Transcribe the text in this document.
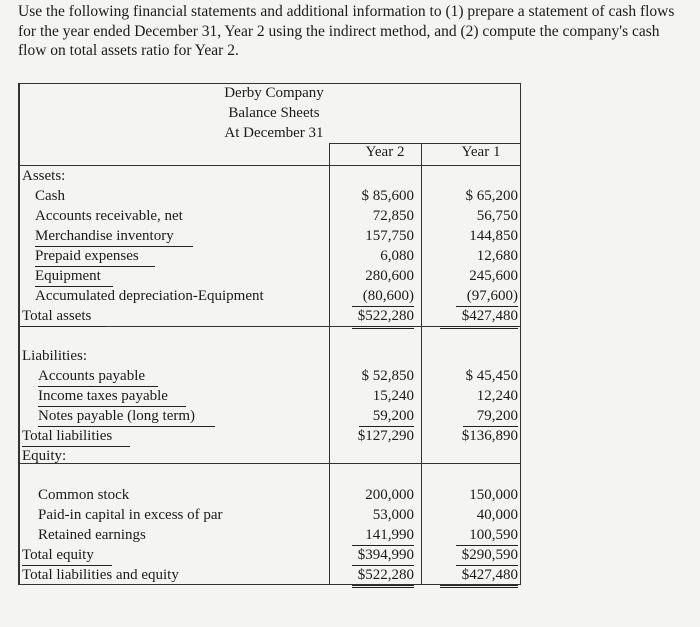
Use the following financial statements and additional information to (1) prepare a statement of cash flows for the year ended December 31, Year 2 using the indirect method, and (2) compute the company's cash flow on total assets ratio for Year 2.
Derby Company
Balance Sheets
At December 31
Year 2	Year 1
Assets:
Cash	$ 85,600	$ 65,200
Accounts receivable, net	72,850	56,750
Merchandise inventory	157,750	144,850
Prepaid expenses	6,080	12,680
Equipment	280,600	245,600
Accumulated depreciation-Equipment	(80,600)	(97,600)
Total assets	$522,280	$427,480
Liabilities:
Accounts payable	$ 52,850	$ 45,450
Income taxes payable	15,240	12,240
Notes payable (long term)	59,200	79,200
Total liabilities	$127,290	$136,890
Equity:
Common stock	200,000	150,000
Paid-in capital in excess of par	53,000	40,000
Retained earnings	141,990	100,590
Total equity	$394,990	$290,590
Total liabilities and equity	$522,280	$427,480
